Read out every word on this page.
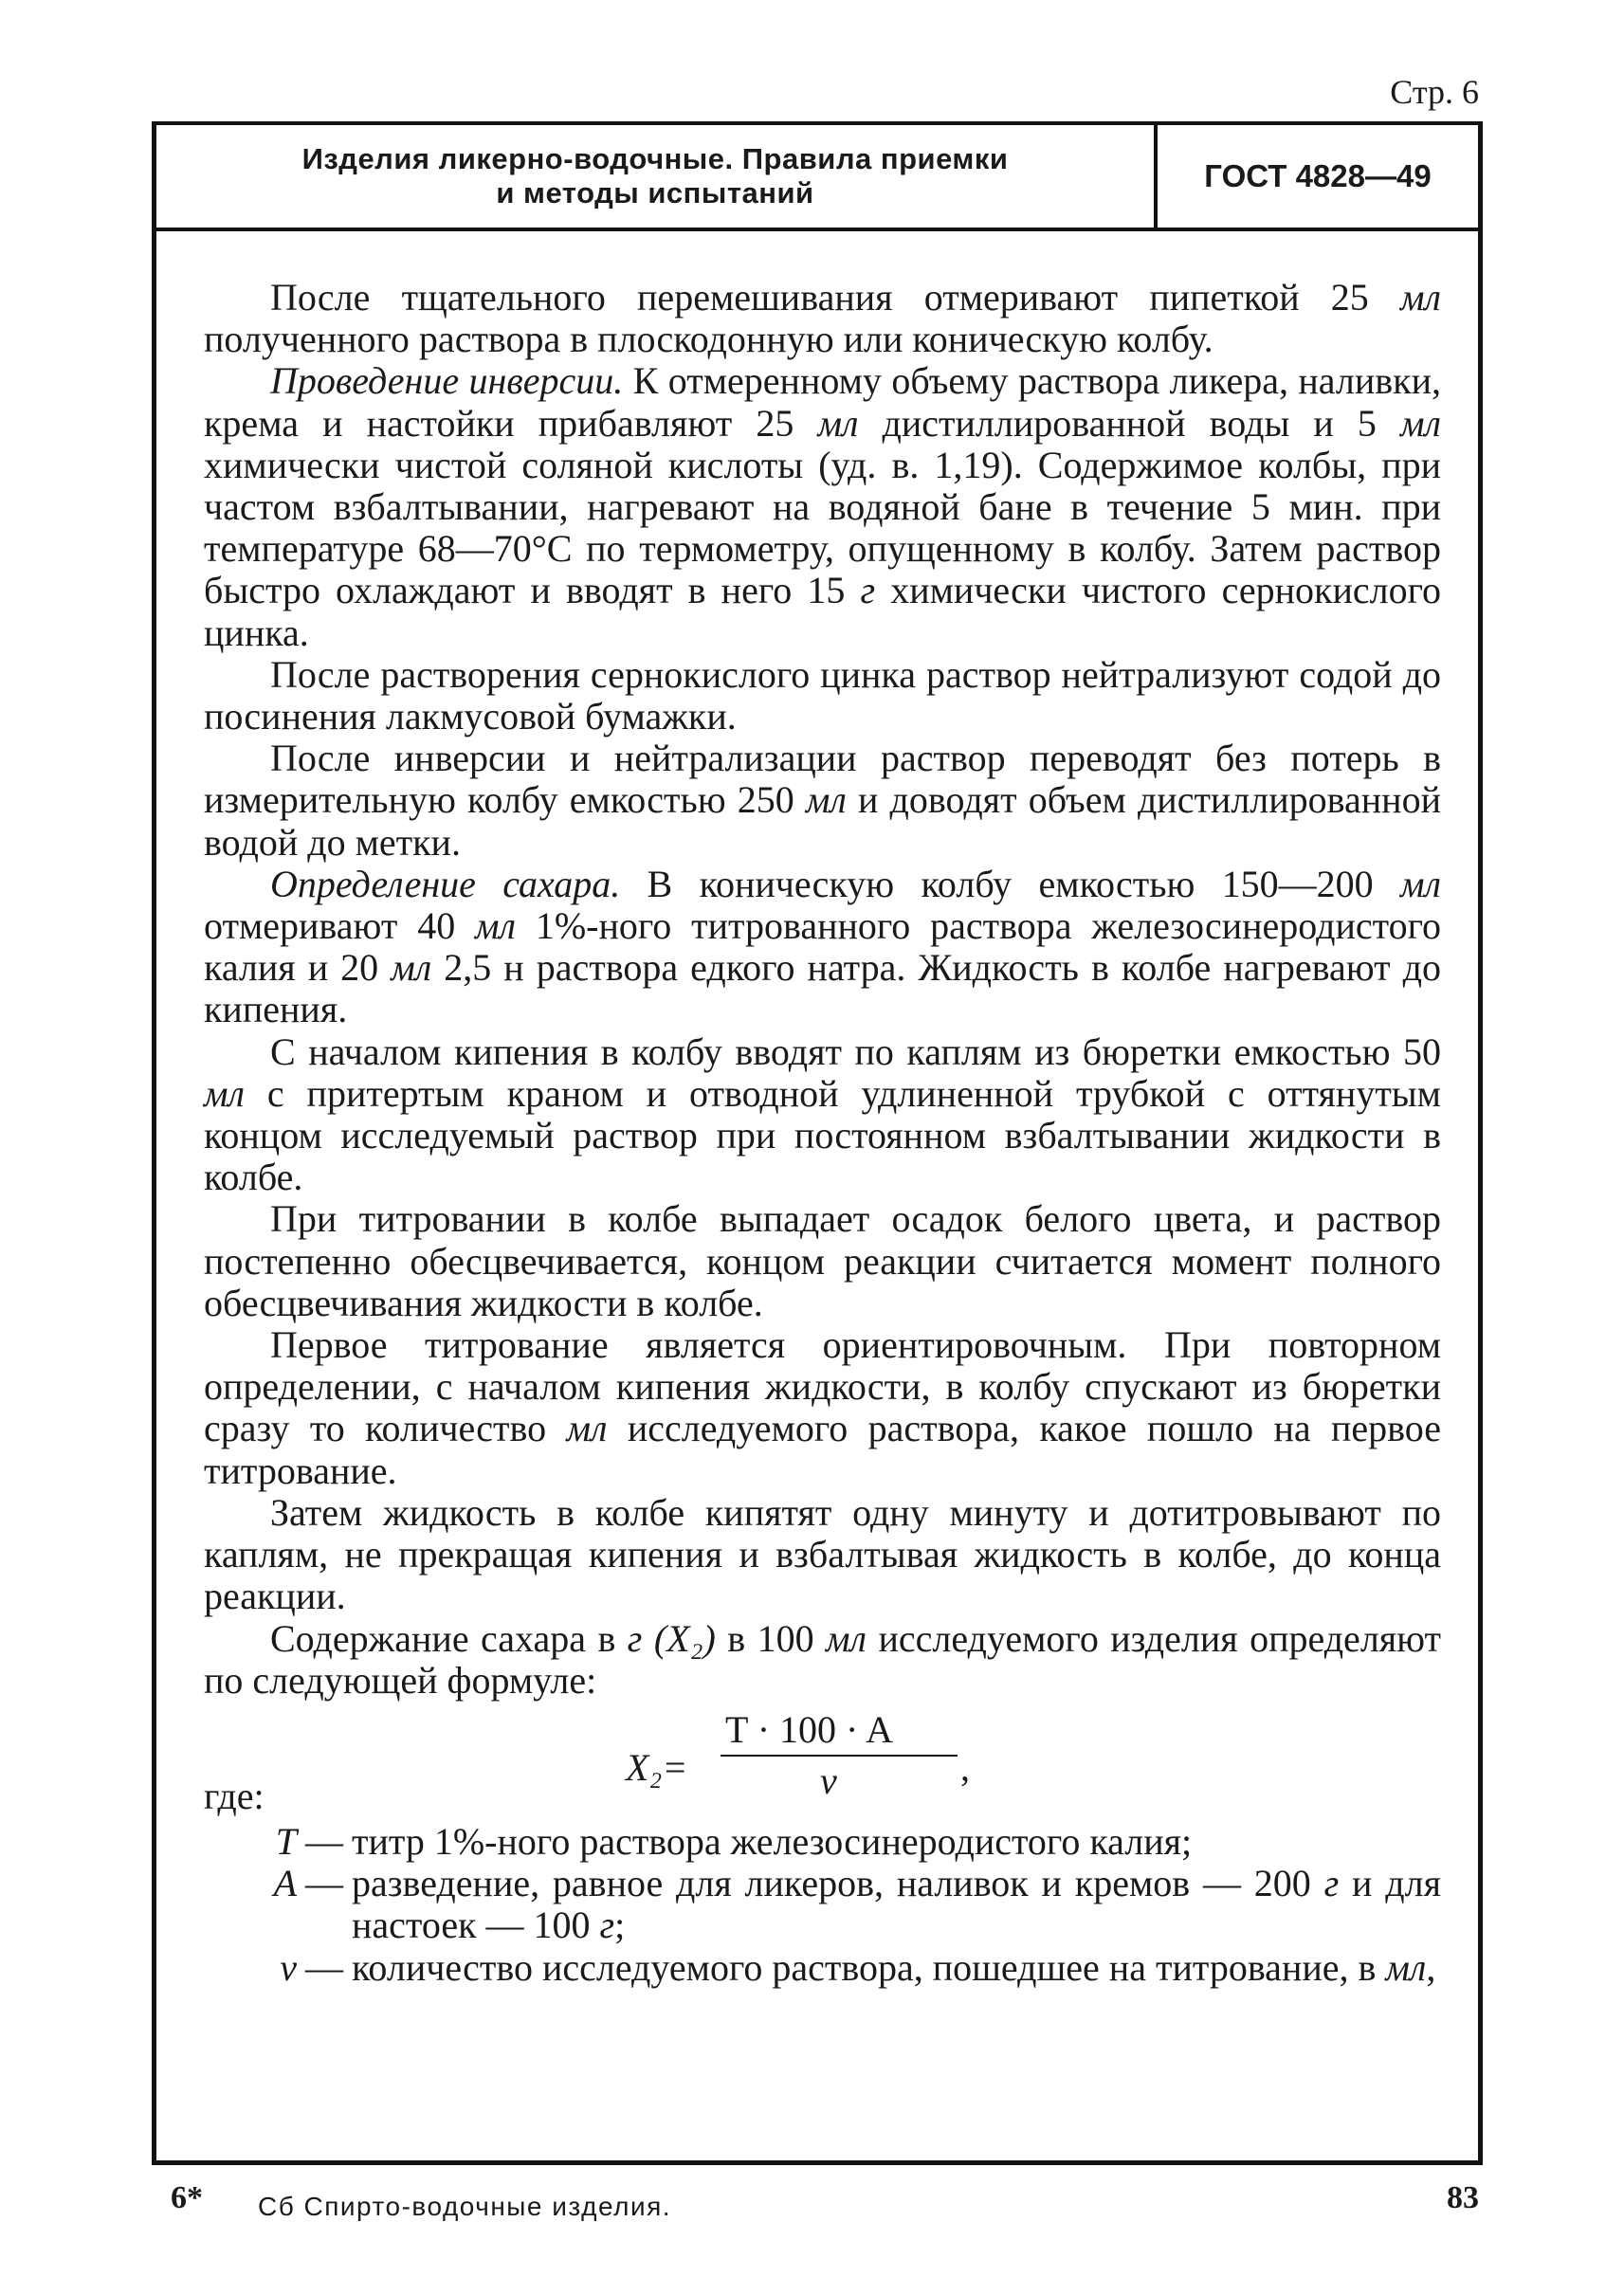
Стр. 6
Изделия ликерно-водочные. Правила приемки
и методы испытаний	ГОСТ 4828—49

После тщательного перемешивания отмеривают пипеткой 25 мл полученного раствора в плоскодонную или коническую колбу.

Проведение инверсии. К отмеренному объему раствора ликера, наливки, крема и настойки прибавляют 25 мл дистиллированной воды и 5 мл химически чистой соляной кислоты (уд. в. 1,19). Содержимое колбы, при частом взбалтывании, нагревают на водяной бане в течение 5 мин. при температуре 68—70°С по термометру, опущенному в колбу. Затем раствор быстро охлаждают и вводят в него 15 г химически чистого сернокислого цинка.

После растворения сернокислого цинка раствор нейтрализуют содой до посинения лакмусовой бумажки.

После инверсии и нейтрализации раствор переводят без потерь в измерительную колбу емкостью 250 мл и доводят объем дистиллированной водой до метки.

Определение сахара. В коническую колбу емкостью 150—200 мл отмеривают 40 мл 1%-ного титрованного раствора железосинеродистого калия и 20 мл 2,5 н раствора едкого натра. Жидкость в колбе нагревают до кипения.

С началом кипения в колбу вводят по каплям из бюретки емкостью 50 мл с притертым краном и отводной удлиненной трубкой с оттянутым концом исследуемый раствор при постоянном взбалтывании жидкости в колбе.

При титровании в колбе выпадает осадок белого цвета, и раствор постепенно обесцвечивается, концом реакции считается момент полного обесцвечивания жидкости в колбе.

Первое титрование является ориентировочным. При повторном определении, с началом кипения жидкости, в колбу спускают из бюретки сразу то количество мл исследуемого раствора, какое пошло на первое титрование.

Затем жидкость в колбе кипятят одну минуту и дотитровывают по каплям, не прекращая кипения и взбалтывая жидкость в колбе, до конца реакции.

Содержание сахара в г (X₂) в 100 мл исследуемого изделия определяют по следующей формуле:

X₂=
T · 100 · A
v	,
где:
T — титр 1%-ного раствора железосинеродистого калия;
A — разведение, равное для ликеров, наливок и кремов — 200 г и для настоек — 100 г;
v — количество исследуемого раствора, пошедшее на титрование, в мл,
6* Сб Спирто-водочные изделия.	83
